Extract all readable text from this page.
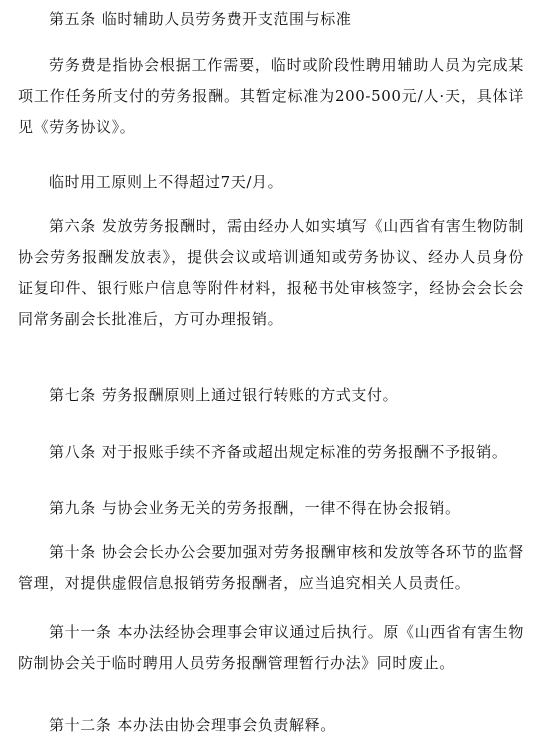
第五条 临时辅助人员劳务费开支范围与标准

劳务费是指协会根据工作需要，临时或阶段性聘用辅助人员为完成某项工作任务所支付的劳务报酬。其暂定标准为200-500元/人·天，具体详见《劳务协议》。

临时用工原则上不得超过7天/月。

第六条 发放劳务报酬时，需由经办人如实填写《山西省有害生物防制协会劳务报酬发放表》，提供会议或培训通知或劳务协议、经办人员身份证复印件、银行账户信息等附件材料，报秘书处审核签字，经协会会长会同常务副会长批准后，方可办理报销。

第七条 劳务报酬原则上通过银行转账的方式支付。

第八条 对于报账手续不齐备或超出规定标准的劳务报酬不予报销。

第九条 与协会业务无关的劳务报酬，一律不得在协会报销。

第十条 协会会长办公会要加强对劳务报酬审核和发放等各环节的监督管理，对提供虚假信息报销劳务报酬者，应当追究相关人员责任。

第十一条 本办法经协会理事会审议通过后执行。原《山西省有害生物防制协会关于临时聘用人员劳务报酬管理暂行办法》同时废止。

第十二条 本办法由协会理事会负责解释。
